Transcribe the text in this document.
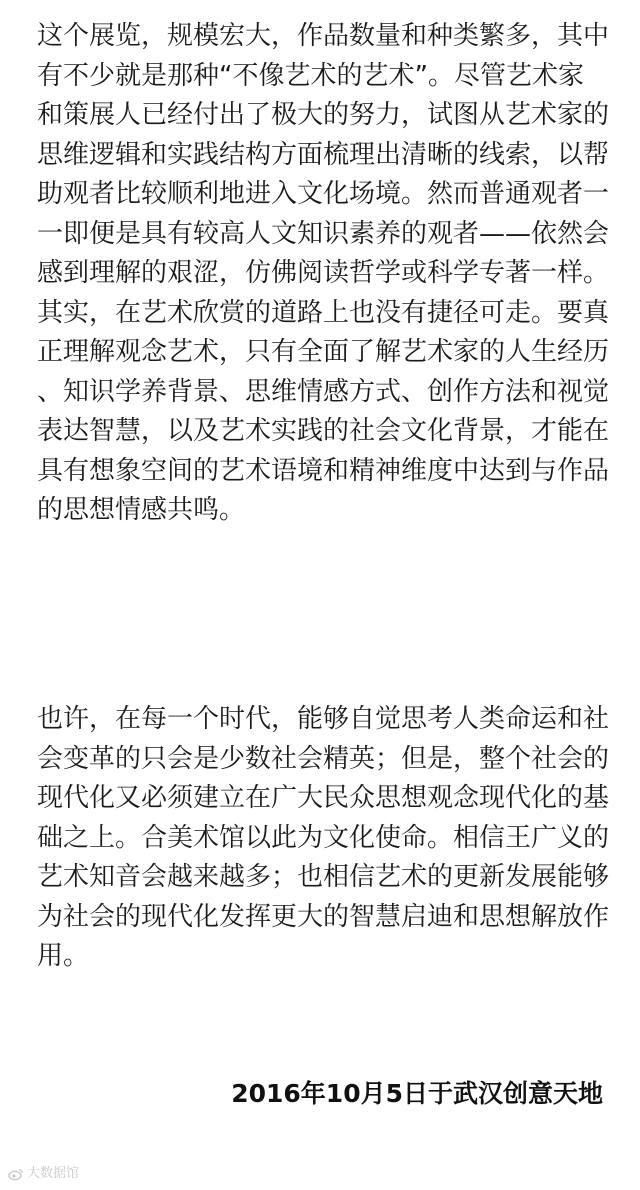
这个展览，规模宏大，作品数量和种类繁多，其中
有不少就是那种“不像艺术的艺术”。尽管艺术家
和策展人已经付出了极大的努力，试图从艺术家的
思维逻辑和实践结构方面梳理出清晰的线索，以帮
助观者比较顺利地进入文化场境。然而普通观者一
一即便是具有较高人文知识素养的观者——依然会
感到理解的艰涩，仿佛阅读哲学或科学专著一样。
其实，在艺术欣赏的道路上也没有捷径可走。要真
正理解观念艺术，只有全面了解艺术家的人生经历
、知识学养背景、思维情感方式、创作方法和视觉
表达智慧，以及艺术实践的社会文化背景，才能在
具有想象空间的艺术语境和精神维度中达到与作品
的思想情感共鸣。
也许，在每一个时代，能够自觉思考人类命运和社
会变革的只会是少数社会精英；但是，整个社会的
现代化又必须建立在广大民众思想观念现代化的基
础之上。合美术馆以此为文化使命。相信王广义的
艺术知音会越来越多；也相信艺术的更新发展能够
为社会的现代化发挥更大的智慧启迪和思想解放作
用。
2016年10月5日于武汉创意天地
大数据馆
